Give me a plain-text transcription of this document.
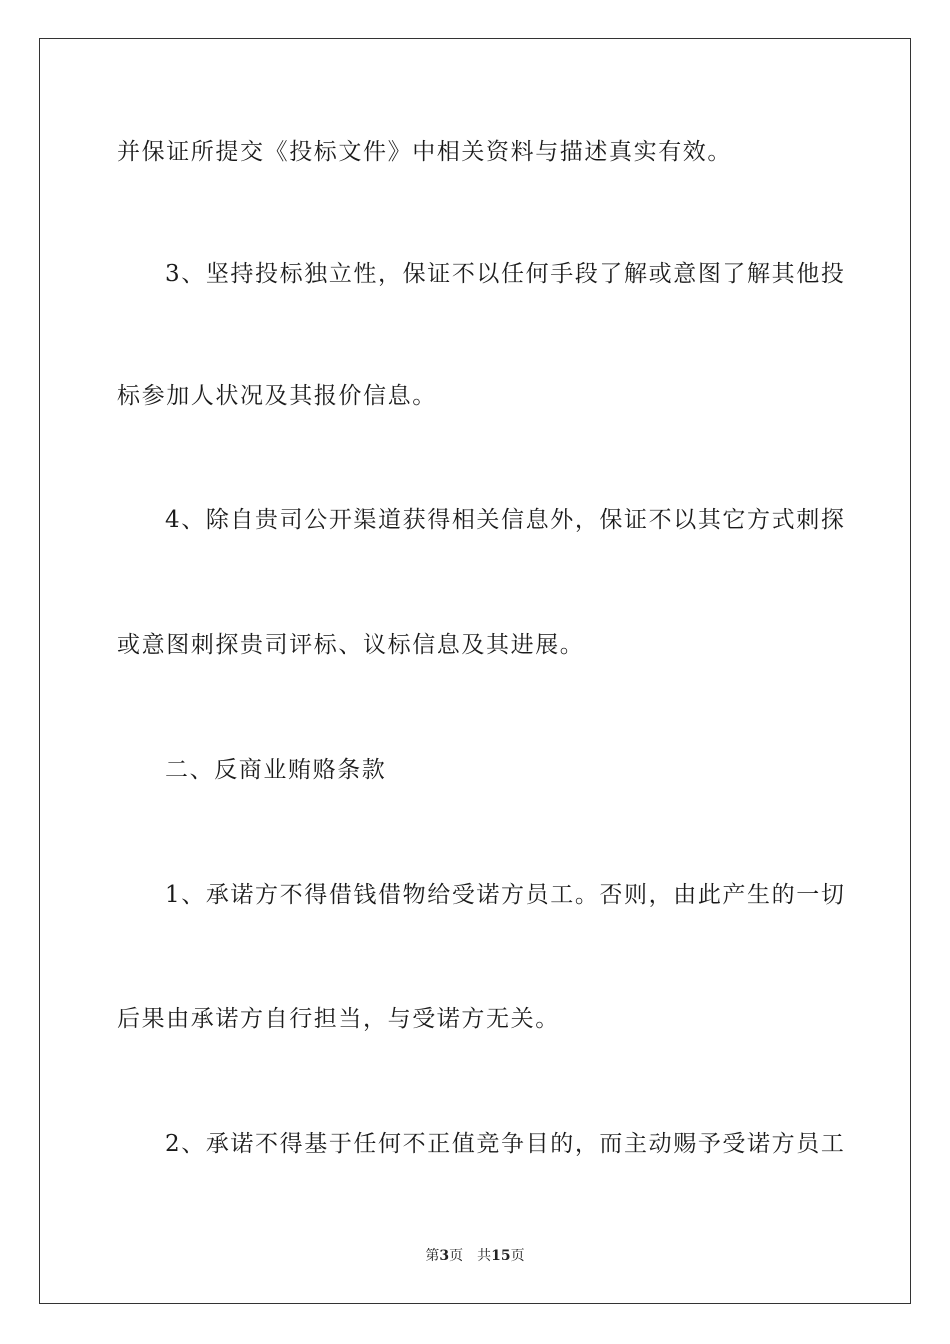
并保证所提交《投标文件》中相关资料与描述真实有效。
3、坚持投标独立性，保证不以任何手段了解或意图了解其他投
标参加人状况及其报价信息。
4、除自贵司公开渠道获得相关信息外，保证不以其它方式刺探
或意图刺探贵司评标、议标信息及其进展。
二、反商业贿赂条款
1、承诺方不得借钱借物给受诺方员工。否则，由此产生的一切
后果由承诺方自行担当，与受诺方无关。
2、承诺不得基于任何不正值竞争目的，而主动赐予受诺方员工
第3页 共15页
